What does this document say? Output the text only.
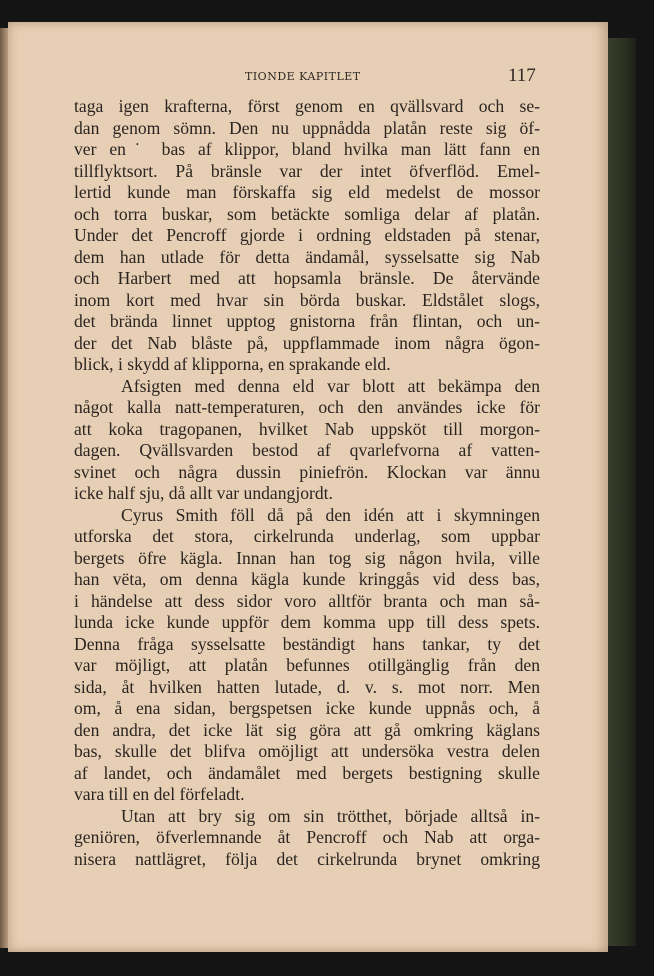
TIONDE KAPITLET	117
taga igen krafterna, först genom en qvällsvard och se-
dan genom sömn. Den nu uppnådda platån reste sig öf-
ver en˙ bas af klippor, bland hvilka man lätt fann en
tillflyktsort. På bränsle var der intet öfverflöd. Emel-
lertid kunde man förskaffa sig eld medelst de mossor
och torra buskar, som betäckte somliga delar af platån.
Under det Pencroff gjorde i ordning eldstaden på stenar,
dem han utlade för detta ändamål, sysselsatte sig Nab
och Harbert med att hopsamla bränsle. De återvände
inom kort med hvar sin börda buskar. Eldstålet slogs,
det brända linnet upptog gnistorna från flintan, och un-
der det Nab blåste på, uppflammade inom några ögon-
blick, i skydd af klipporna, en sprakande eld.
Afsigten med denna eld var blott att bekämpa den
något kalla natt-temperaturen, och den användes icke för
att koka tragopanen, hvilket Nab uppsköt till morgon-
dagen. Qvällsvarden bestod af qvarlefvorna af vatten-
svinet och några dussin piniefrön. Klockan var ännu
icke half sju, då allt var undangjordt.
Cyrus Smith föll då på den idén att i skymningen
utforska det stora, cirkelrunda underlag, som uppbar
bergets öfre kägla. Innan han tog sig någon hvila, ville
han vëta, om denna kägla kunde kringgås vid dess bas,
i händelse att dess sidor voro alltför branta och man så-
lunda icke kunde uppför dem komma upp till dess spets.
Denna fråga sysselsatte beständigt hans tankar, ty det
var möjligt, att platån befunnes otillgänglig från den
sida, åt hvilken hatten lutade, d. v. s. mot norr. Men
om, å ena sidan, bergspetsen icke kunde uppnås och, å
den andra, det icke lät sig göra att gå omkring käglans
bas, skulle det blifva omöjligt att undersöka vestra delen
af landet, och ändamålet med bergets bestigning skulle
vara till en del förfeladt.
Utan att bry sig om sin trötthet, började alltså in-
geniören, öfverlemnande åt Pencroff och Nab att orga-
nisera nattlägret, följa det cirkelrunda brynet omkring
